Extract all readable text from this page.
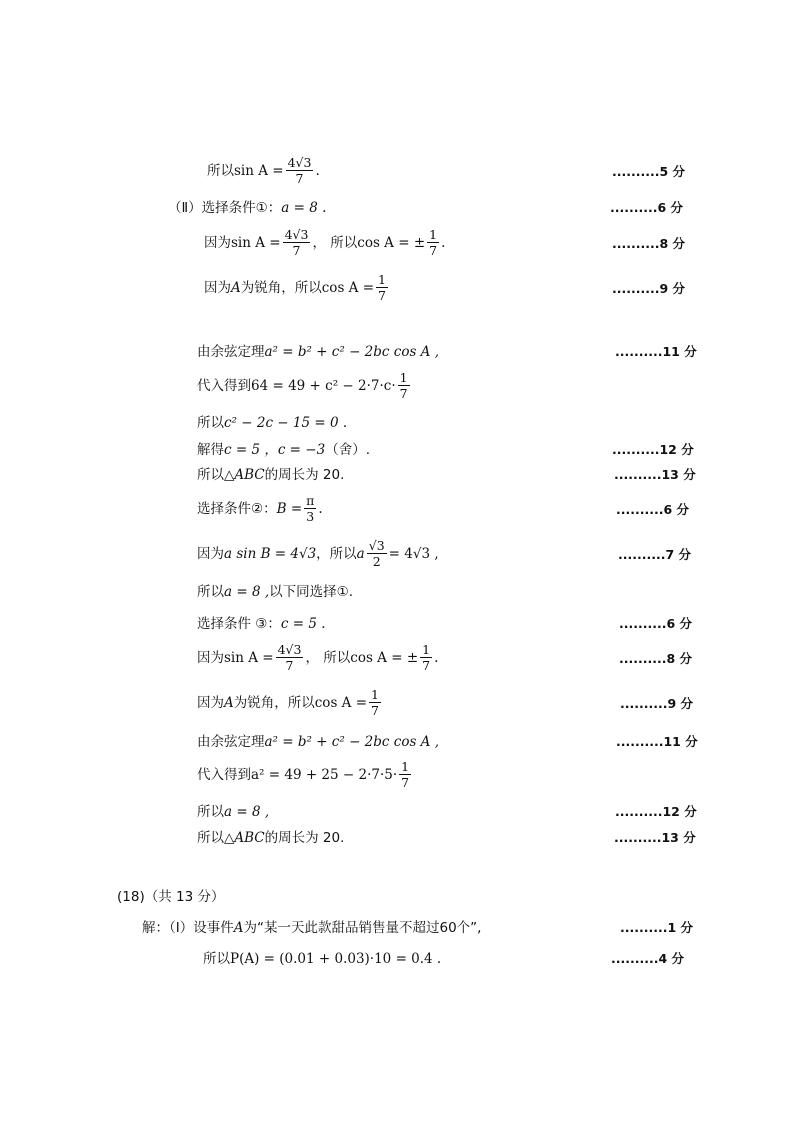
所以$\sin A = \frac{4√3}{7}$ .	..........5 分
（Ⅱ）选择条件①：a = 8 .	..........6 分
因为$\sin A = \frac{4√3}{7}$ ， 所以cos A = ± $\frac{1}{7}$ .	..........8 分
因为A为锐角，所以$\cos A = \frac{1}{7}$	..........9 分
由余弦定理a² = b² + c² − 2bc cos A ,	..........11 分
代入得到$64 = 49 + c^2 - 2\cdot 7\cdot c\cdot \frac{1}{7}$
所以c² − 2c − 15 = 0 .
解得c = 5 ，c = −3（舍）.	..........12 分
所以△ABC的周长为 20.	..........13 分
选择条件②：$B = \frac{\pi}{3}$ .	..........6 分
因为a sin B = 4√3，所以a $\frac{√3}{2} = 4√3$ ,	..........7 分
所以a = 8 ,以下同选择①.
选择条件 ③：c = 5 .	..........6 分
因为$\sin A = \frac{4√3}{7}$ ， 所以cos A = ± $\frac{1}{7}$ .	..........8 分
因为A为锐角，所以$\cos A = \frac{1}{7}$	..........9 分
由余弦定理a² = b² + c² − 2bc cos A ,	..........11 分
代入得到$a^2 = 49 + 25 - 2\cdot 7\cdot 5\cdot \frac{1}{7}$
所以a = 8 ,	..........12 分
所以△ABC的周长为 20.	..........13 分
(18)（共 13 分）
解：（Ⅰ）设事件A为“某一天此款甜品销售量不超过60个”,	..........1 分
所以P(A) = (0.01 + 0.03)·10 = 0.4 .	..........4 分
